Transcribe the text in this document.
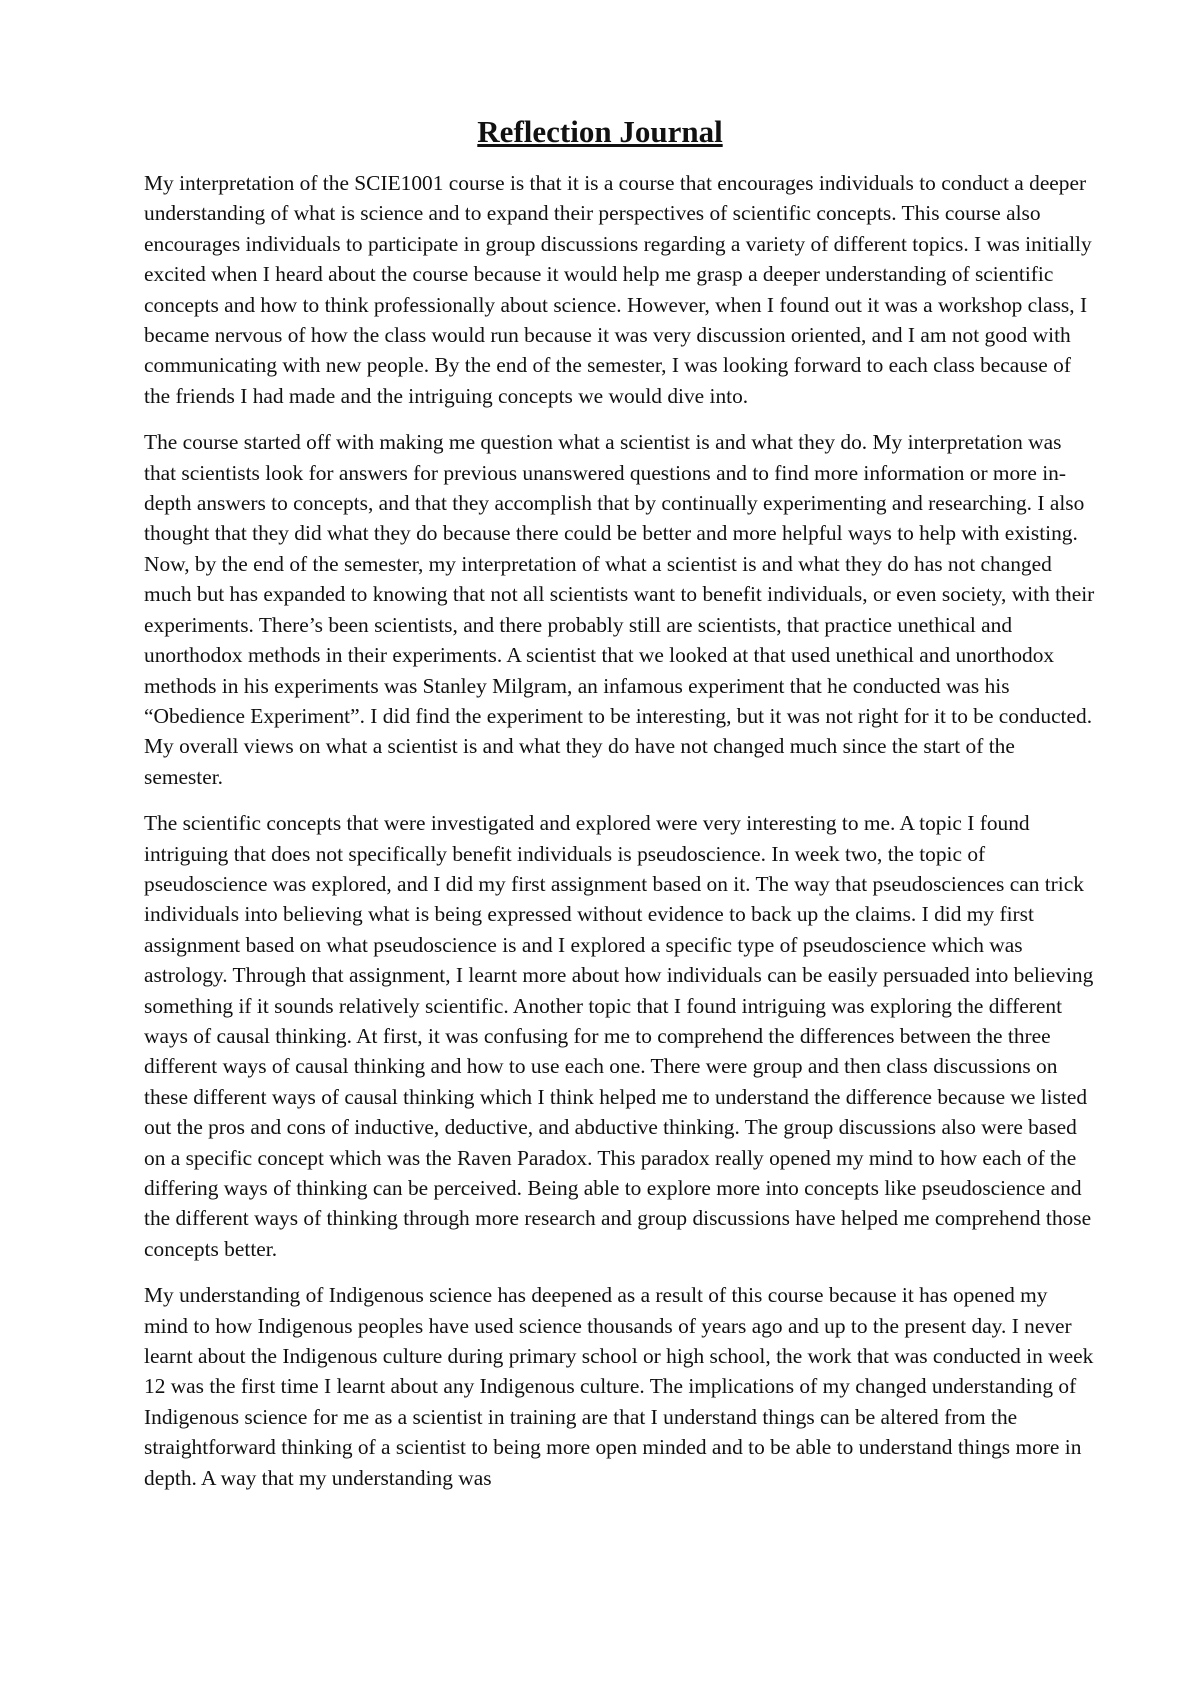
Reflection Journal

My interpretation of the SCIE1001 course is that it is a course that encourages individuals to conduct a deeper understanding of what is science and to expand their perspectives of scientific concepts. This course also encourages individuals to participate in group discussions regarding a variety of different topics. I was initially excited when I heard about the course because it would help me grasp a deeper understanding of scientific concepts and how to think professionally about science. However, when I found out it was a workshop class, I became nervous of how the class would run because it was very discussion oriented, and I am not good with communicating with new people. By the end of the semester, I was looking forward to each class because of the friends I had made and the intriguing concepts we would dive into.

The course started off with making me question what a scientist is and what they do. My interpretation was that scientists look for answers for previous unanswered questions and to find more information or more in-depth answers to concepts, and that they accomplish that by continually experimenting and researching. I also thought that they did what they do because there could be better and more helpful ways to help with existing. Now, by the end of the semester, my interpretation of what a scientist is and what they do has not changed much but has expanded to knowing that not all scientists want to benefit individuals, or even society, with their experiments. There’s been scientists, and there probably still are scientists, that practice unethical and unorthodox methods in their experiments. A scientist that we looked at that used unethical and unorthodox methods in his experiments was Stanley Milgram, an infamous experiment that he conducted was his “Obedience Experiment”. I did find the experiment to be interesting, but it was not right for it to be conducted. My overall views on what a scientist is and what they do have not changed much since the start of the semester.

The scientific concepts that were investigated and explored were very interesting to me. A topic I found intriguing that does not specifically benefit individuals is pseudoscience. In week two, the topic of pseudoscience was explored, and I did my first assignment based on it. The way that pseudosciences can trick individuals into believing what is being expressed without evidence to back up the claims. I did my first assignment based on what pseudoscience is and I explored a specific type of pseudoscience which was astrology. Through that assignment, I learnt more about how individuals can be easily persuaded into believing something if it sounds relatively scientific. Another topic that I found intriguing was exploring the different ways of causal thinking. At first, it was confusing for me to comprehend the differences between the three different ways of causal thinking and how to use each one. There were group and then class discussions on these different ways of causal thinking which I think helped me to understand the difference because we listed out the pros and cons of inductive, deductive, and abductive thinking. The group discussions also were based on a specific concept which was the Raven Paradox. This paradox really opened my mind to how each of the differing ways of thinking can be perceived. Being able to explore more into concepts like pseudoscience and the different ways of thinking through more research and group discussions have helped me comprehend those concepts better.

My understanding of Indigenous science has deepened as a result of this course because it has opened my mind to how Indigenous peoples have used science thousands of years ago and up to the present day. I never learnt about the Indigenous culture during primary school or high school, the work that was conducted in week 12 was the first time I learnt about any Indigenous culture. The implications of my changed understanding of Indigenous science for me as a scientist in training are that I understand things can be altered from the straightforward thinking of a scientist to being more open minded and to be able to understand things more in depth. A way that my understanding was
